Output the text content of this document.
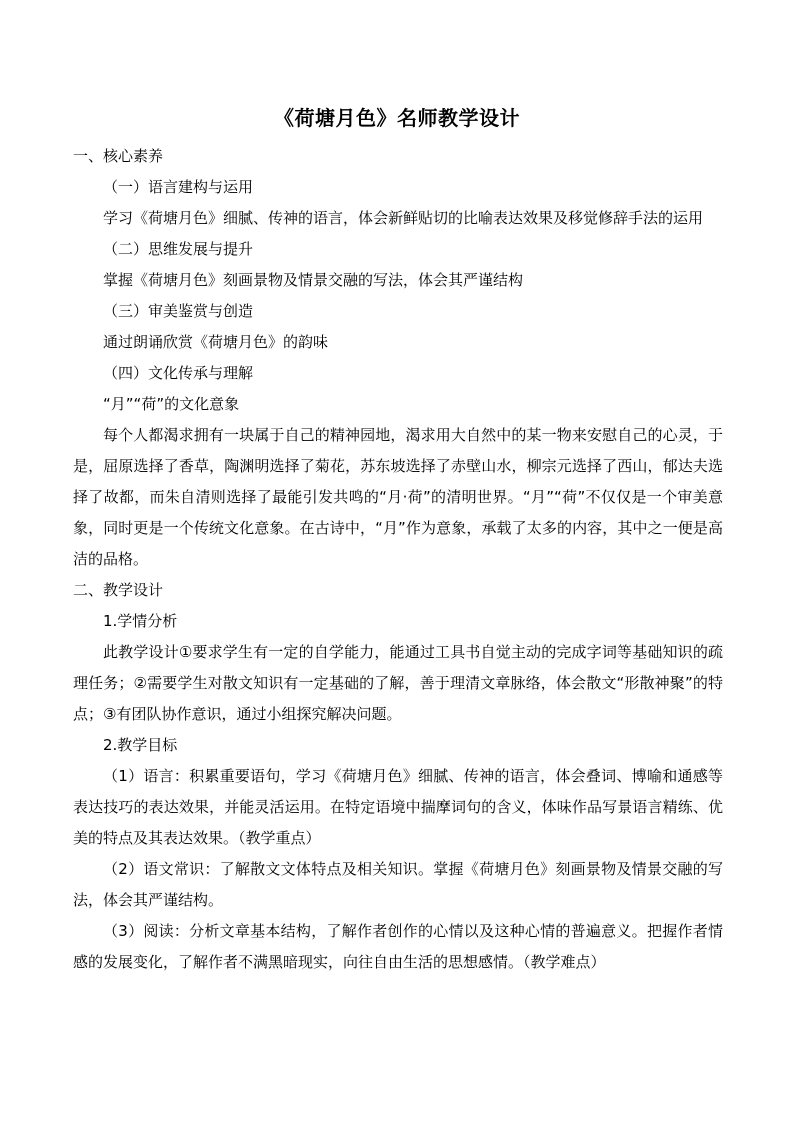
《荷塘月色》名师教学设计

一、核心素养

（一）语言建构与运用

学习《荷塘月色》细腻、传神的语言，体会新鲜贴切的比喻表达效果及移觉修辞手法的运用

（二）思维发展与提升

掌握《荷塘月色》刻画景物及情景交融的写法，体会其严谨结构

（三）审美鉴赏与创造

通过朗诵欣赏《荷塘月色》的韵味

（四）文化传承与理解

“月”“荷”的文化意象

每个人都渴求拥有一块属于自己的精神园地，渴求用大自然中的某一物来安慰自己的心灵，于是，屈原选择了香草，陶渊明选择了菊花，苏东坡选择了赤壁山水，柳宗元选择了西山，郁达夫选择了故都，而朱自清则选择了最能引发共鸣的“月·荷”的清明世界。“月”“荷”不仅仅是一个审美意象，同时更是一个传统文化意象。在古诗中，“月”作为意象，承载了太多的内容，其中之一便是高洁的品格。

二、教学设计

1.学情分析

此教学设计①要求学生有一定的自学能力，能通过工具书自觉主动的完成字词等基础知识的疏理任务；②需要学生对散文知识有一定基础的了解，善于理清文章脉络，体会散文“形散神聚”的特点；③有团队协作意识，通过小组探究解决问题。

2.教学目标

（1）语言：积累重要语句，学习《荷塘月色》细腻、传神的语言，体会叠词、博喻和通感等表达技巧的表达效果，并能灵活运用。在特定语境中揣摩词句的含义，体味作品写景语言精练、优美的特点及其表达效果。（教学重点）

（2）语文常识：了解散文文体特点及相关知识。掌握《荷塘月色》刻画景物及情景交融的写法，体会其严谨结构。

（3）阅读：分析文章基本结构，了解作者创作的心情以及这种心情的普遍意义。把握作者情感的发展变化，了解作者不满黑暗现实，向往自由生活的思想感情。（教学难点）
